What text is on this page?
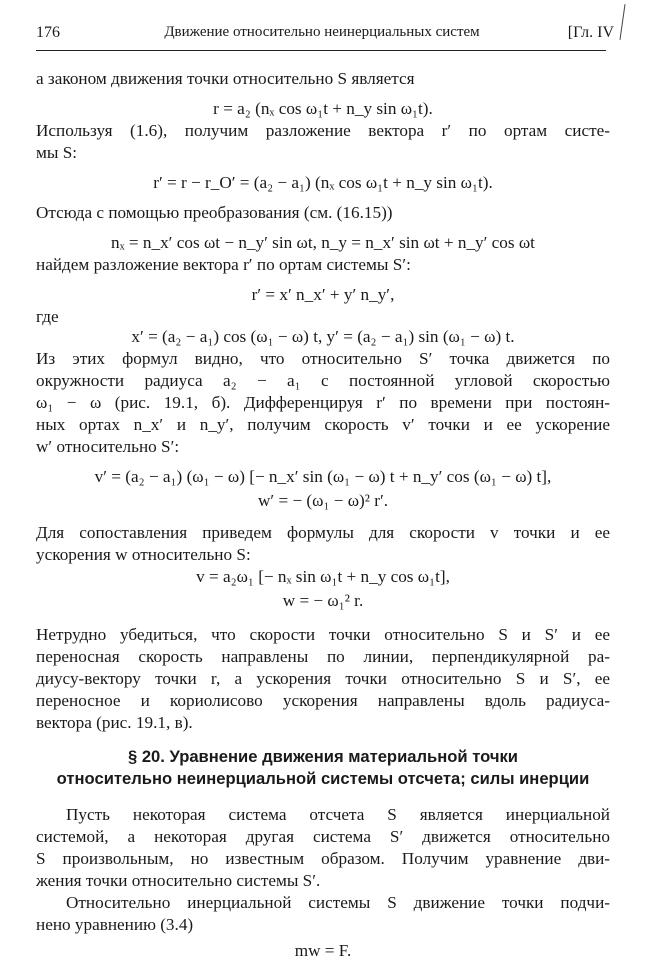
176	Движение относительно неинерциальных систем	[Гл. IV
а законом движения точки относительно S является
r = a₂ (nₓ cos ω₁t + n_y sin ω₁t).
Используя (1.6), получим разложение вектора r′ по ортам систе-
мы S:
r′ = r − r_O′ = (a₂ − a₁) (nₓ cos ω₁t + n_y sin ω₁t).
Отсюда с помощью преобразования (см. (16.15))
nₓ = n_x′ cos ωt − n_y′ sin ωt, n_y = n_x′ sin ωt + n_y′ cos ωt
найдем разложение вектора r′ по ортам системы S′:
r′ = x′ n_x′ + y′ n_y′,
где
x′ = (a₂ − a₁) cos (ω₁ − ω) t, y′ = (a₂ − a₁) sin (ω₁ − ω) t.
Из этих формул видно, что относительно S′ точка движется по
окружности радиуса a₂ − a₁ с постоянной угловой скоростью
ω₁ − ω (рис. 19.1, б). Дифференцируя r′ по времени при постоян-
ных ортах n_x′ и n_y′, получим скорость v′ точки и ее ускорение
w′ относительно S′:
v′ = (a₂ − a₁) (ω₁ − ω) [− n_x′ sin (ω₁ − ω) t + n_y′ cos (ω₁ − ω) t],
w′ = − (ω₁ − ω)² r′.
Для сопоставления приведем формулы для скорости v точки и ее
ускорения w относительно S:
v = a₂ω₁ [− nₓ sin ω₁t + n_y cos ω₁t],
w = − ω₁² r.
Нетрудно убедиться, что скорости точки относительно S и S′ и ее
переносная скорость направлены по линии, перпендикулярной ра-
диусу-вектору точки r, а ускорения точки относительно S и S′, ее
переносное и кориолисово ускорения направлены вдоль радиуса-
вектора (рис. 19.1, в).
§ 20. Уравнение движения материальной точки
относительно неинерциальной системы отсчета; силы инерции
Пусть некоторая система отсчета S является инерциальной
системой, а некоторая другая система S′ движется относительно
S произвольным, но известным образом. Получим уравнение дви-
жения точки относительно системы S′.
Относительно инерциальной системы S движение точки подчи-
нено уравнению (3.4)
mw = F.
